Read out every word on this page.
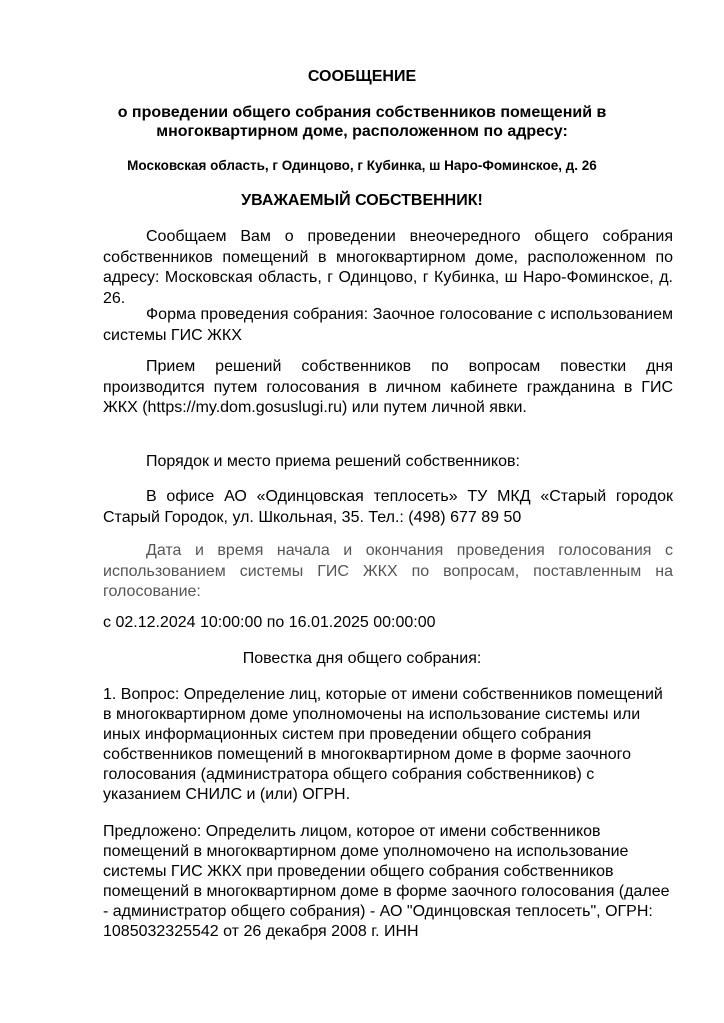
СООБЩЕНИЕ
о проведении общего собрания собственников помещений в многоквартирном доме, расположенном по адресу:
Московская область, г Одинцово, г Кубинка, ш Наро-Фоминское, д. 26
УВАЖАЕМЫЙ СОБСТВЕННИК!
Сообщаем Вам о проведении внеочередного общего собрания собственников помещений в многоквартирном доме, расположенном по адресу: Московская область, г Одинцово, г Кубинка, ш Наро-Фоминское, д. 26.
Форма проведения собрания: Заочное голосование с использованием системы ГИС ЖКХ
Прием решений собственников по вопросам повестки дня производится путем голосования в личном кабинете гражданина в ГИС ЖКХ (https://my.dom.gosuslugi.ru) или путем личной явки.
Порядок и место приема решений собственников:
В офисе АО «Одинцовская теплосеть» ТУ МКД «Старый городок Старый Городок, ул. Школьная, 35. Тел.: (498) 677 89 50
Дата и время начала и окончания проведения голосования с использованием системы ГИС ЖКХ по вопросам, поставленным на голосование:
с 02.12.2024 10:00:00 по 16.01.2025 00:00:00
Повестка дня общего собрания:
1. Вопрос: Определение лиц, которые от имени собственников помещений в многоквартирном доме уполномочены на использование системы или иных информационных систем при проведении общего собрания собственников помещений в многоквартирном доме в форме заочного голосования (администратора общего собрания собственников) с указанием СНИЛС и (или) ОГРН.
Предложено: Определить лицом, которое от имени собственников помещений в многоквартирном доме уполномочено на использование системы ГИС ЖКХ при проведении общего собрания собственников помещений в многоквартирном доме в форме заочного голосования (далее - администратор общего собрания) - АО "Одинцовская теплосеть", ОГРН: 1085032325542 от 26 декабря 2008 г. ИНН
